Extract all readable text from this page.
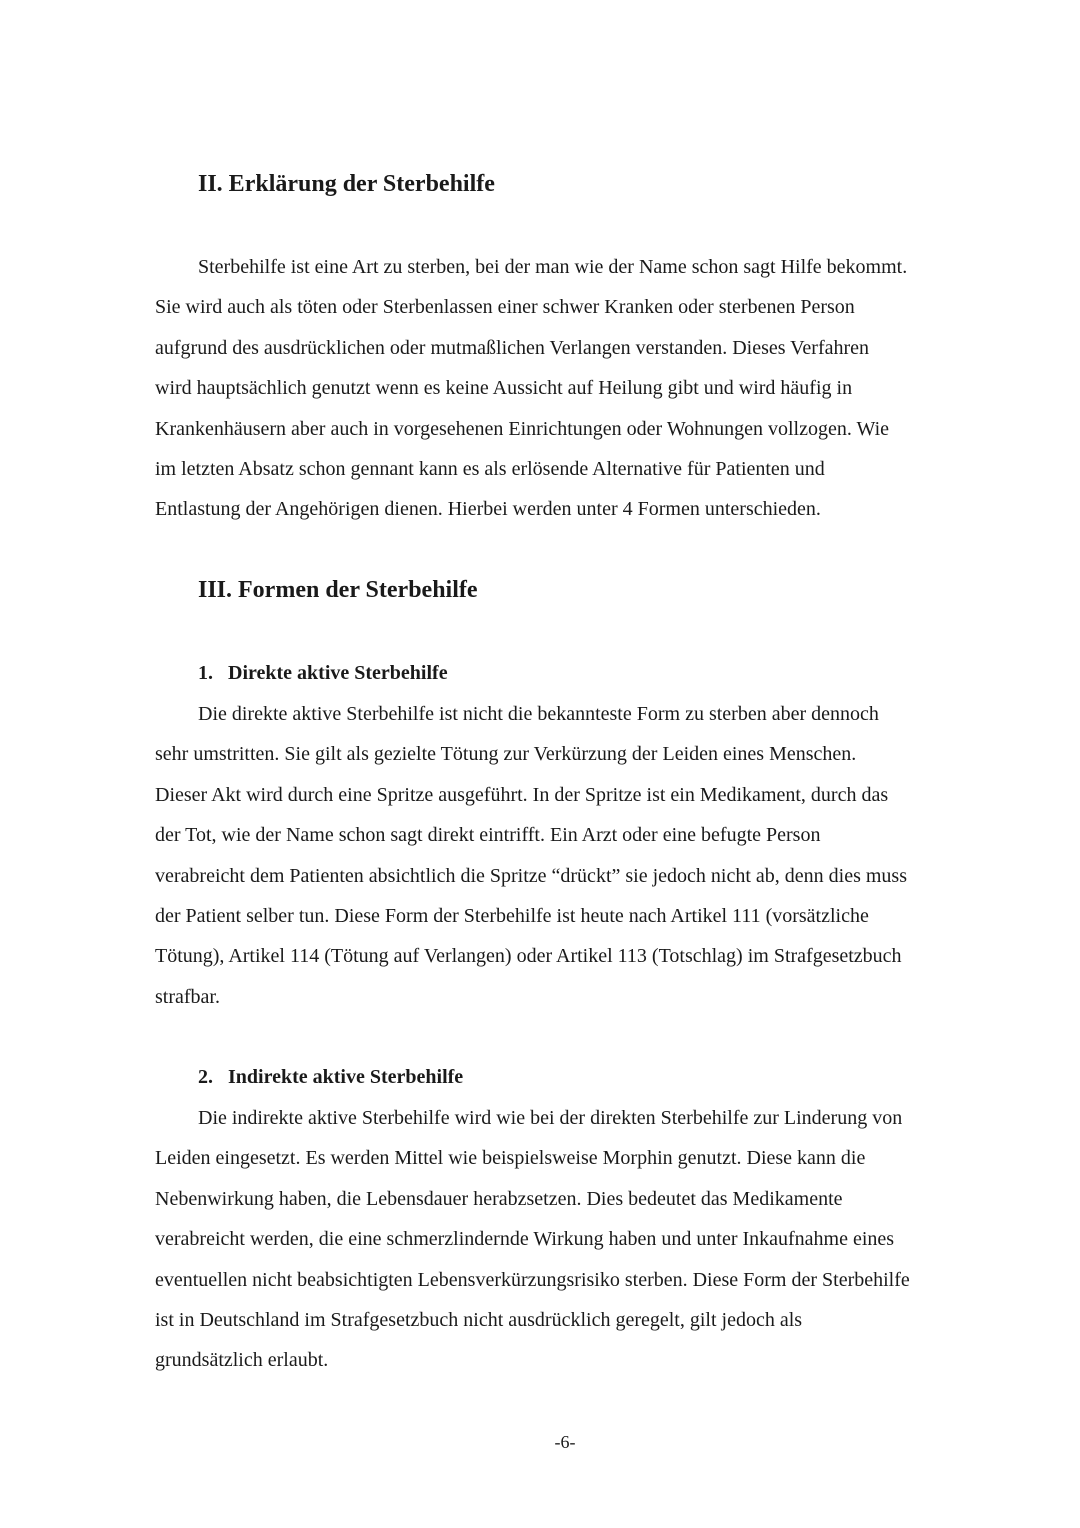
II. Erklärung der Sterbehilfe
Sterbehilfe ist eine Art zu sterben, bei der man wie der Name schon sagt Hilfe bekommt.
Sie wird auch als töten oder Sterbenlassen einer schwer Kranken oder sterbenen Person
aufgrund des ausdrücklichen oder mutmaßlichen Verlangen verstanden. Dieses Verfahren
wird hauptsächlich genutzt wenn es keine Aussicht auf Heilung gibt und wird häufig in
Krankenhäusern aber auch in vorgesehenen Einrichtungen oder Wohnungen vollzogen. Wie
im letzten Absatz schon gennant kann es als erlösende Alternative für Patienten und
Entlastung der Angehörigen dienen. Hierbei werden unter 4 Formen unterschieden.
III. Formen der Sterbehilfe
1. Direkte aktive Sterbehilfe
Die direkte aktive Sterbehilfe ist nicht die bekannteste Form zu sterben aber dennoch
sehr umstritten. Sie gilt als gezielte Tötung zur Verkürzung der Leiden eines Menschen.
Dieser Akt wird durch eine Spritze ausgeführt. In der Spritze ist ein Medikament, durch das
der Tot, wie der Name schon sagt direkt eintrifft. Ein Arzt oder eine befugte Person
verabreicht dem Patienten absichtlich die Spritze “drückt” sie jedoch nicht ab, denn dies muss
der Patient selber tun. Diese Form der Sterbehilfe ist heute nach Artikel 111 (vorsätzliche
Tötung), Artikel 114 (Tötung auf Verlangen) oder Artikel 113 (Totschlag) im Strafgesetzbuch
strafbar.
2. Indirekte aktive Sterbehilfe
Die indirekte aktive Sterbehilfe wird wie bei der direkten Sterbehilfe zur Linderung von
Leiden eingesetzt. Es werden Mittel wie beispielsweise Morphin genutzt. Diese kann die
Nebenwirkung haben, die Lebensdauer herabzsetzen. Dies bedeutet das Medikamente
verabreicht werden, die eine schmerzlindernde Wirkung haben und unter Inkaufnahme eines
eventuellen nicht beabsichtigten Lebensverkürzungsrisiko sterben. Diese Form der Sterbehilfe
ist in Deutschland im Strafgesetzbuch nicht ausdrücklich geregelt, gilt jedoch als
grundsätzlich erlaubt.
-6-
